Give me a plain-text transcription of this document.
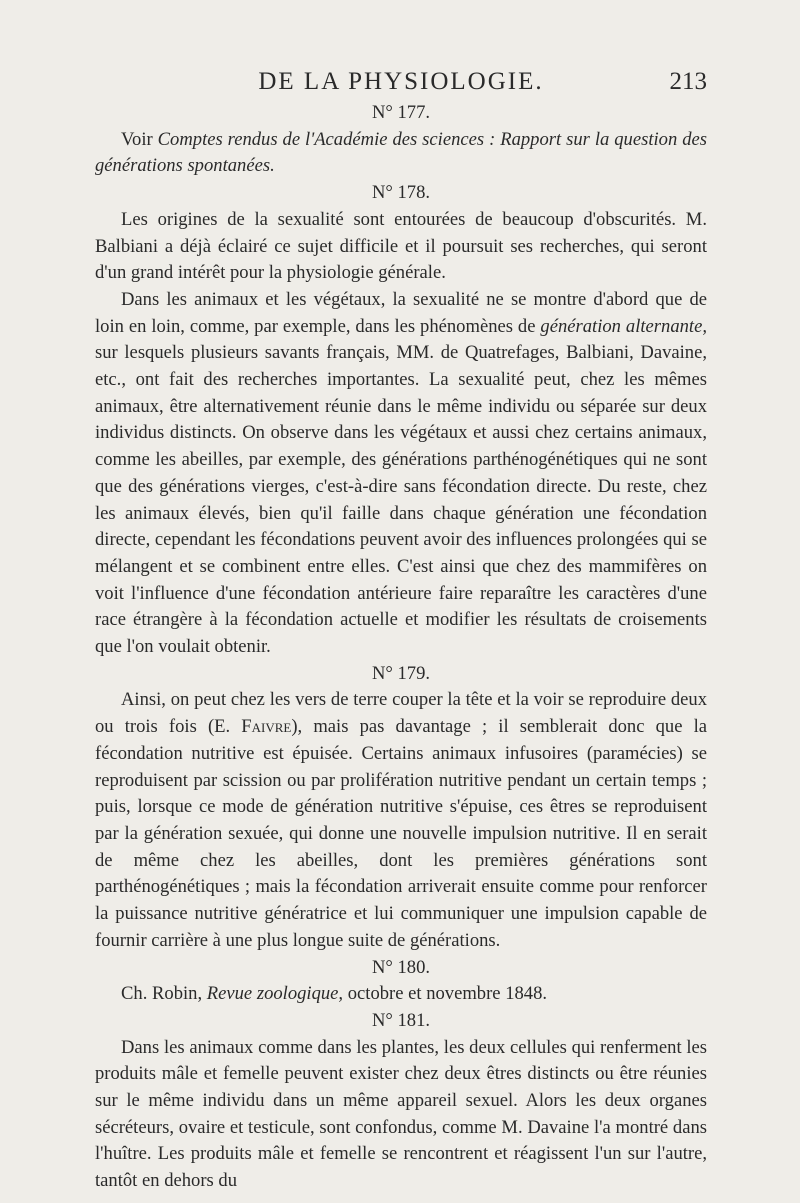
DE LA PHYSIOLOGIE.	213

N° 177.

Voir Comptes rendus de l'Académie des sciences : Rapport sur la question des générations spontanées.

N° 178.

Les origines de la sexualité sont entourées de beaucoup d'obscurités. M. Balbiani a déjà éclairé ce sujet difficile et il poursuit ses recherches, qui seront d'un grand intérêt pour la physiologie générale.

Dans les animaux et les végétaux, la sexualité ne se montre d'abord que de loin en loin, comme, par exemple, dans les phénomènes de génération alternante, sur lesquels plusieurs savants français, MM. de Quatrefages, Balbiani, Davaine, etc., ont fait des recherches importantes. La sexualité peut, chez les mêmes animaux, être alternativement réunie dans le même individu ou séparée sur deux individus distincts. On observe dans les végétaux et aussi chez certains animaux, comme les abeilles, par exemple, des générations parthénogénétiques qui ne sont que des générations vierges, c'est-à-dire sans fécondation directe. Du reste, chez les animaux élevés, bien qu'il faille dans chaque génération une fécondation directe, cependant les fécondations peuvent avoir des influences prolongées qui se mélangent et se combinent entre elles. C'est ainsi que chez des mammifères on voit l'influence d'une fécondation antérieure faire reparaître les caractères d'une race étrangère à la fécondation actuelle et modifier les résultats de croisements que l'on voulait obtenir.

N° 179.

Ainsi, on peut chez les vers de terre couper la tête et la voir se reproduire deux ou trois fois (E. Faivre), mais pas davantage ; il semblerait donc que la fécondation nutritive est épuisée. Certains animaux infusoires (paramécies) se reproduisent par scission ou par prolifération nutritive pendant un certain temps ; puis, lorsque ce mode de génération nutritive s'épuise, ces êtres se reproduisent par la génération sexuée, qui donne une nouvelle impulsion nutritive. Il en serait de même chez les abeilles, dont les premières générations sont parthénogénétiques ; mais la fécondation arriverait ensuite comme pour renforcer la puissance nutritive génératrice et lui communiquer une impulsion capable de fournir carrière à une plus longue suite de générations.

N° 180.

Ch. Robin, Revue zoologique, octobre et novembre 1848.

N° 181.

Dans les animaux comme dans les plantes, les deux cellules qui renferment les produits mâle et femelle peuvent exister chez deux êtres distincts ou être réunies sur le même individu dans un même appareil sexuel. Alors les deux organes sécréteurs, ovaire et testicule, sont confondus, comme M. Davaine l'a montré dans l'huître. Les produits mâle et femelle se rencontrent et réagissent l'un sur l'autre, tantôt en dehors du
